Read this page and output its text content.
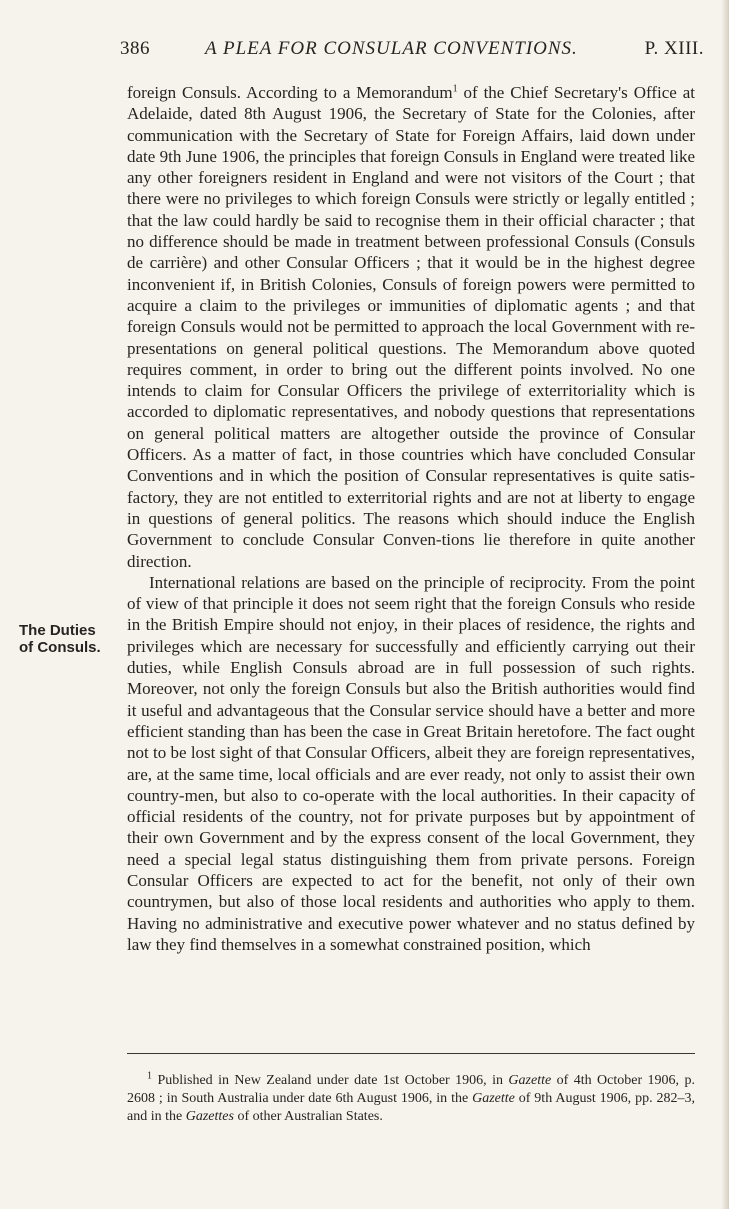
386	A PLEA FOR CONSULAR CONVENTIONS.	P. XIII.
The Duties
of Consuls.

foreign Consuls. According to a Memorandum$^1$ of the Chief Secretary's Office at Adelaide, dated 8th August 1906, the Secretary of State for the Colonies, after communication with the Secretary of State for Foreign Affairs, laid down under date 9th June 1906, the principles that foreign Consuls in England were treated like any other foreigners resident in England and were not visitors of the Court ; that there were no privileges to which foreign Consuls were strictly or legally entitled ; that the law could hardly be said to recognise them in their official character ; that no difference should be made in treatment between professional Consuls (Consuls de carrière) and other Consular Officers ; that it would be in the highest degree inconvenient if, in British Colonies, Consuls of foreign powers were permitted to acquire a claim to the privileges or immunities of diplomatic agents ; and that foreign Consuls would not be permitted to approach the local Government with re-presentations on general political questions. The Memorandum above quoted requires comment, in order to bring out the different points involved. No one intends to claim for Consular Officers the privilege of exterritoriality which is accorded to diplomatic representatives, and nobody questions that representations on general political matters are altogether outside the province of Consular Officers. As a matter of fact, in those countries which have concluded Consular Conventions and in which the position of Consular representatives is quite satis-factory, they are not entitled to exterritorial rights and are not at liberty to engage in questions of general politics. The reasons which should induce the English Government to conclude Consular Conven-tions lie therefore in quite another direction.

International relations are based on the principle of reciprocity. From the point of view of that principle it does not seem right that the foreign Consuls who reside in the British Empire should not enjoy, in their places of residence, the rights and privileges which are necessary for successfully and efficiently carrying out their duties, while English Consuls abroad are in full possession of such rights. Moreover, not only the foreign Consuls but also the British authorities would find it useful and advantageous that the Consular service should have a better and more efficient standing than has been the case in Great Britain heretofore. The fact ought not to be lost sight of that Consular Officers, albeit they are foreign representatives, are, at the same time, local officials and are ever ready, not only to assist their own country-men, but also to co-operate with the local authorities. In their capacity of official residents of the country, not for private purposes but by appointment of their own Government and by the express consent of the local Government, they need a special legal status distinguishing them from private persons. Foreign Consular Officers are expected to act for the benefit, not only of their own countrymen, but also of those local residents and authorities who apply to them. Having no administrative and executive power whatever and no status defined by law they find themselves in a somewhat constrained position, which

$^1$ Published in New Zealand under date 1st October 1906, in Gazette of 4th October 1906, p. 2608 ; in South Australia under date 6th August 1906, in the Gazette of 9th August 1906, pp. 282–3, and in the Gazettes of other Australian States.
